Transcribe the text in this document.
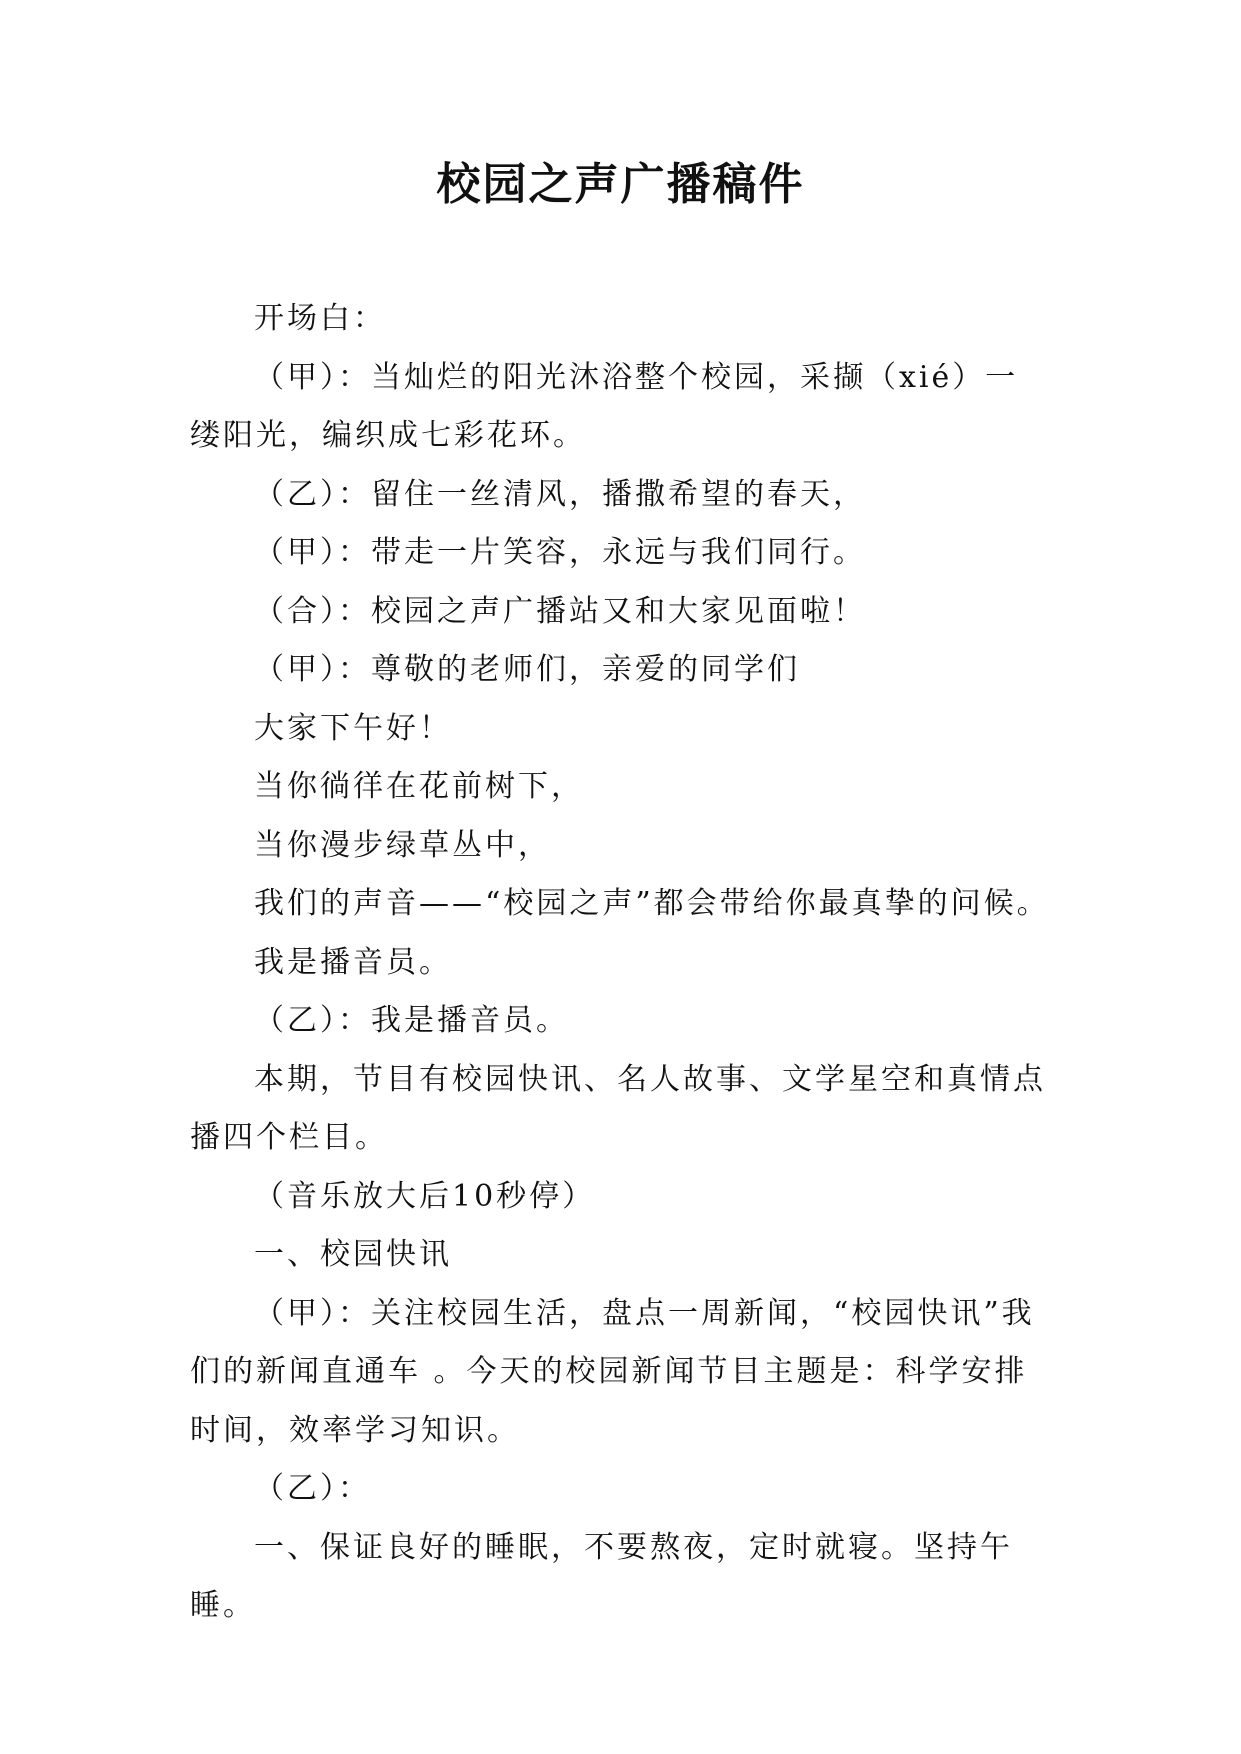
校园之声广播稿件

开场白：

（甲）：当灿烂的阳光沐浴整个校园，采撷（xié）一缕阳光，编织成七彩花环。

（乙）：留住一丝清风，播撒希望的春天，

（甲）：带走一片笑容，永远与我们同行。

（合）：校园之声广播站又和大家见面啦！

（甲）：尊敬的老师们，亲爱的同学们

大家下午好！

当你徜徉在花前树下，

当你漫步绿草丛中，

我们的声音——“校园之声”都会带给你最真挚的问候。

我是播音员。

（乙）：我是播音员。

本期，节目有校园快讯、名人故事、文学星空和真情点播四个栏目。

（音乐放大后10秒停）

一、校园快讯

（甲）：关注校园生活，盘点一周新闻，“校园快讯”我们的新闻直通车 。今天的校园新闻节目主题是：科学安排时间，效率学习知识。

（乙）：

一、保证良好的睡眠，不要熬夜，定时就寝。坚持午睡。
